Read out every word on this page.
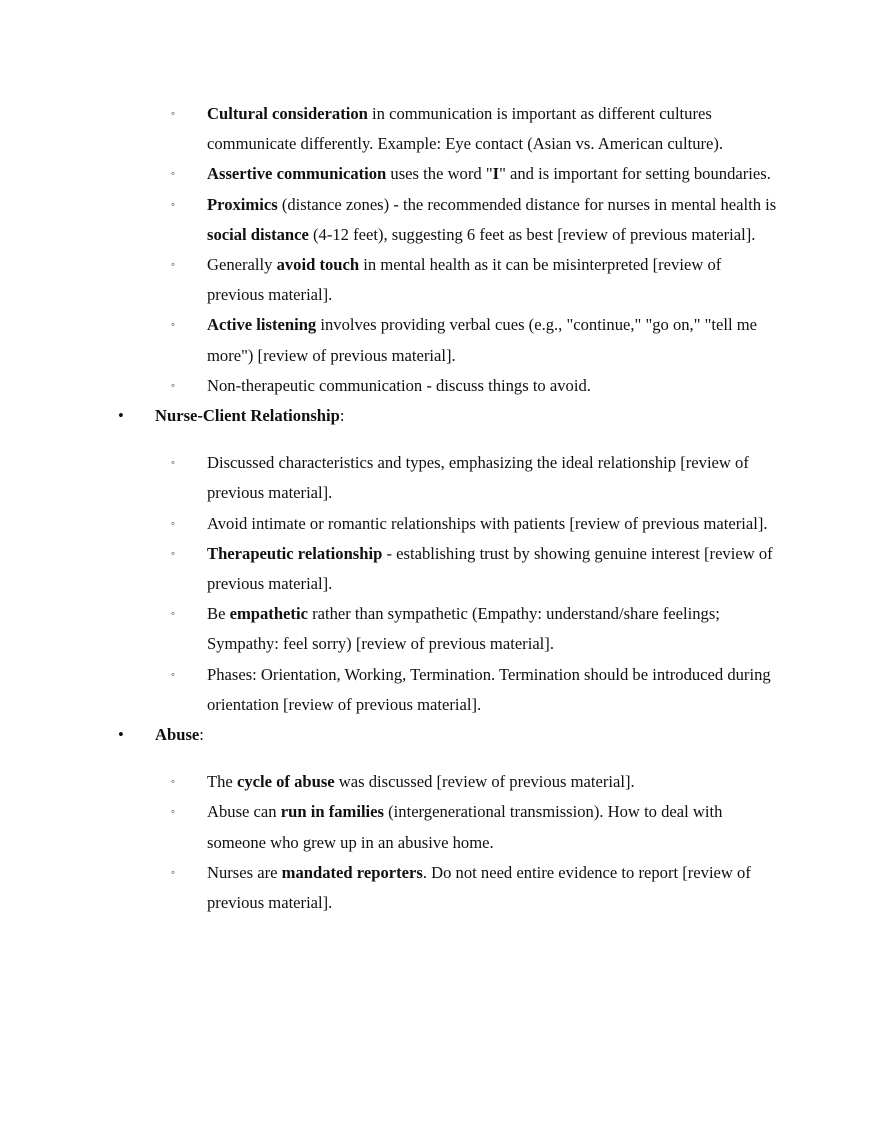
◦ Cultural consideration in communication is important as different cultures communicate differently. Example: Eye contact (Asian vs. American culture).
◦ Assertive communication uses the word "I" and is important for setting boundaries.
◦ Proximics (distance zones) - the recommended distance for nurses in mental health is social distance (4-12 feet), suggesting 6 feet as best [review of previous material].
◦ Generally avoid touch in mental health as it can be misinterpreted [review of previous material].
◦ Active listening involves providing verbal cues (e.g., "continue," "go on," "tell me more") [review of previous material].
◦ Non-therapeutic communication - discuss things to avoid.
• Nurse-Client Relationship:
◦ Discussed characteristics and types, emphasizing the ideal relationship [review of previous material].
◦ Avoid intimate or romantic relationships with patients [review of previous material].
◦ Therapeutic relationship - establishing trust by showing genuine interest [review of previous material].
◦ Be empathetic rather than sympathetic (Empathy: understand/share feelings; Sympathy: feel sorry) [review of previous material].
◦ Phases: Orientation, Working, Termination. Termination should be introduced during orientation [review of previous material].
• Abuse:
◦ The cycle of abuse was discussed [review of previous material].
◦ Abuse can run in families (intergenerational transmission). How to deal with someone who grew up in an abusive home.
◦ Nurses are mandated reporters. Do not need entire evidence to report [review of previous material].
